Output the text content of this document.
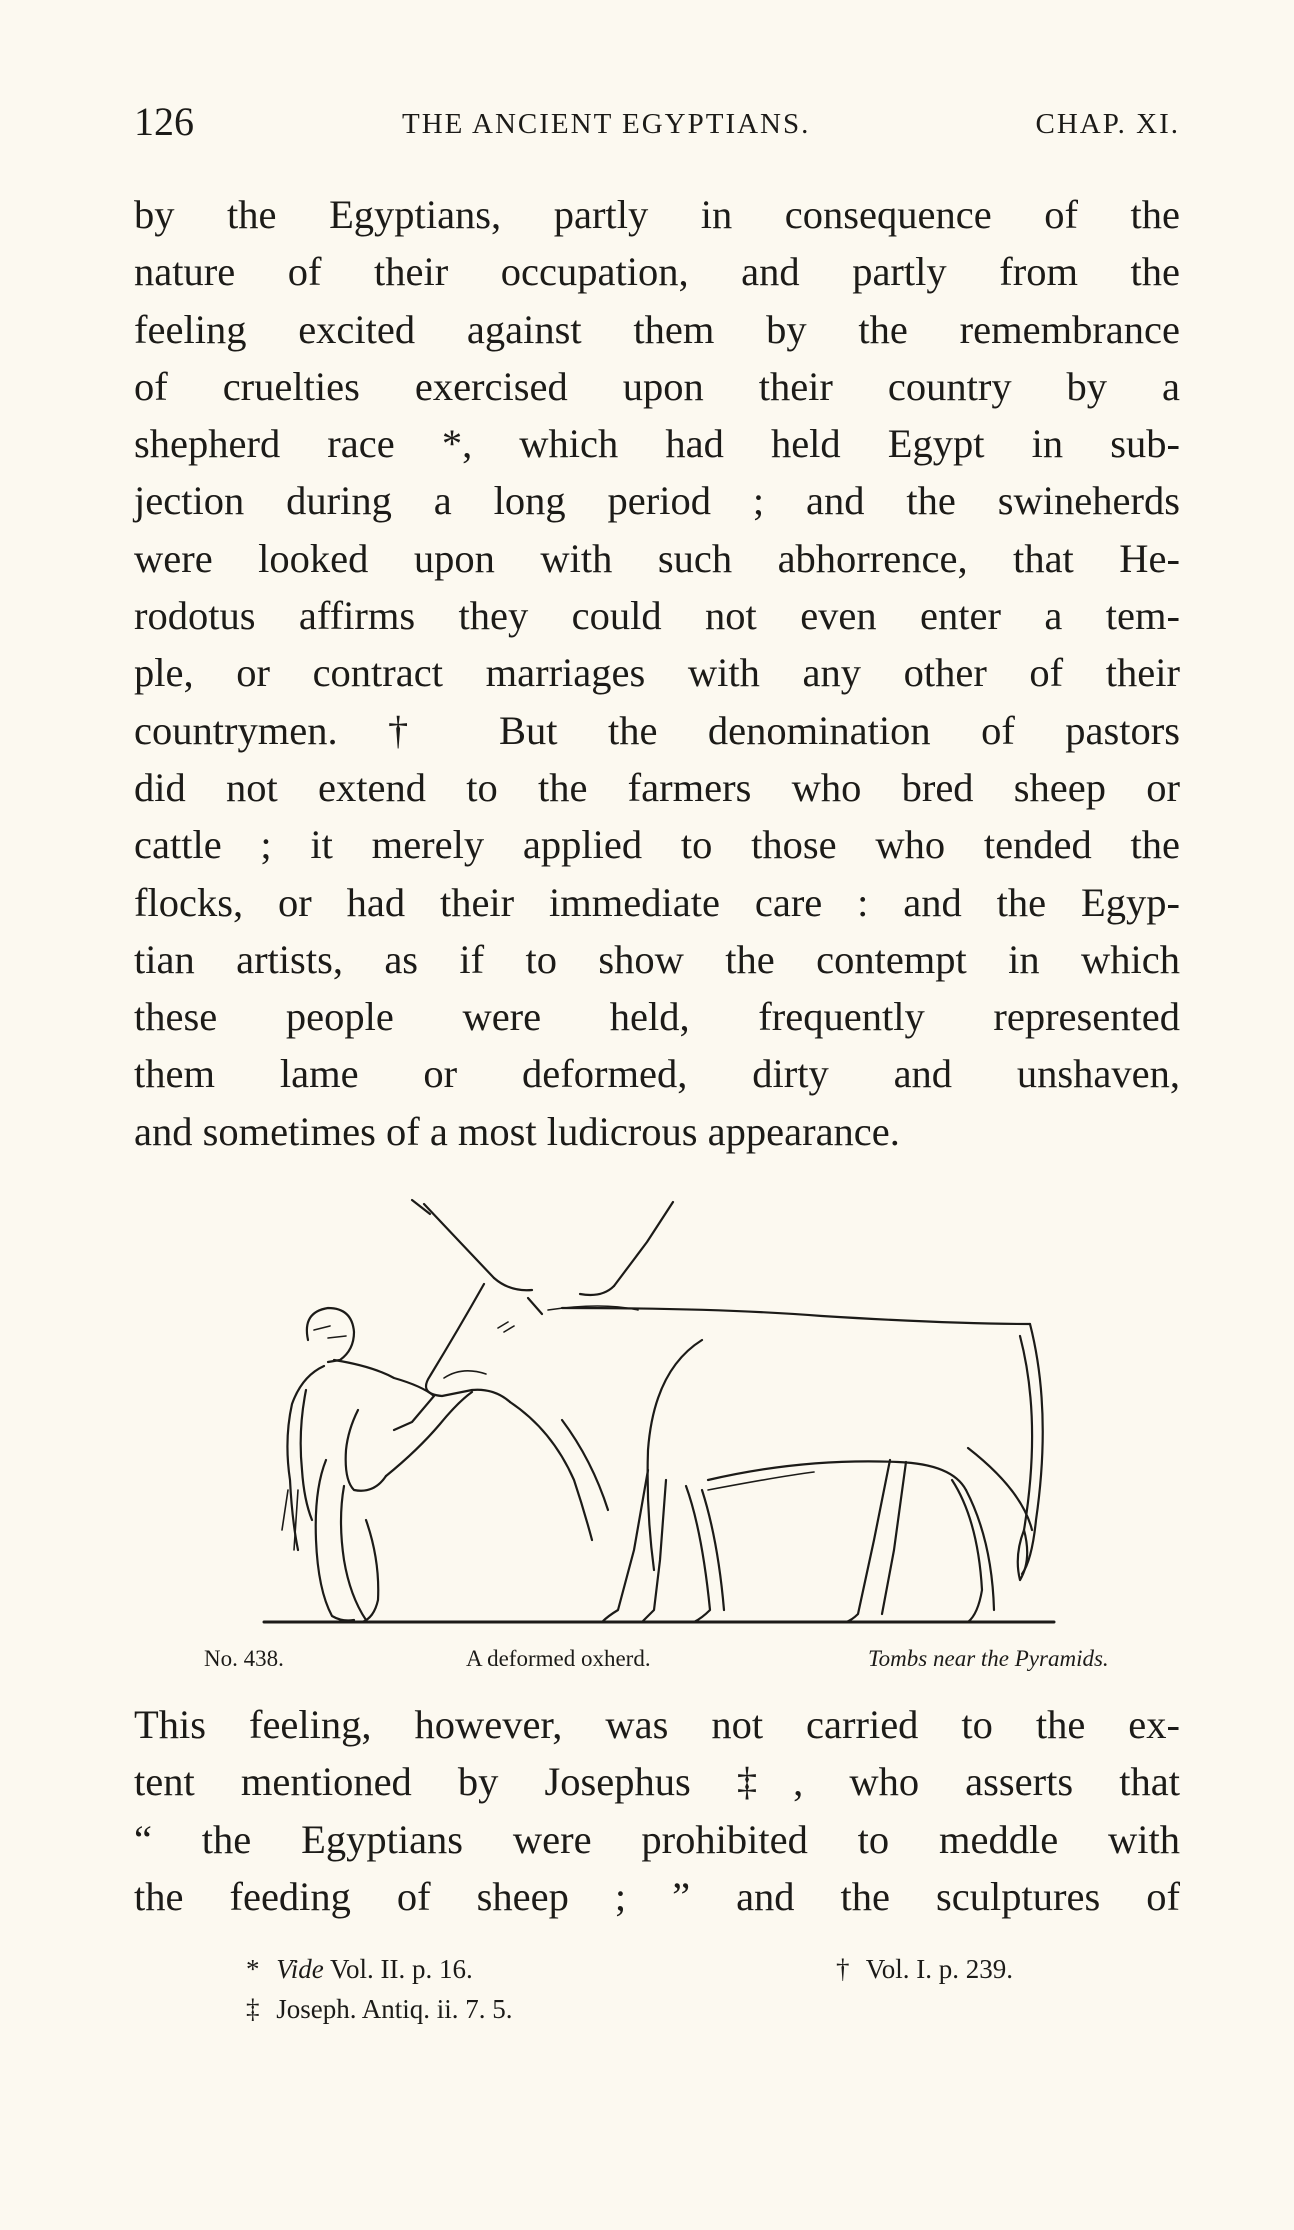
126	THE ANCIENT EGYPTIANS.	CHAP. XI.

by the Egyptians, partly in consequence of the
nature of their occupation, and partly from the
feeling excited against them by the remembrance
of cruelties exercised upon their country by a
shepherd race *, which had held Egypt in sub-
jection during a long period ; and the swineherds
were looked upon with such abhorrence, that He-
rodotus affirms they could not even enter a tem-
ple, or contract marriages with any other of their
countrymen. † But the denomination of pastors
did not extend to the farmers who bred sheep or
cattle ; it merely applied to those who tended the
flocks, or had their immediate care : and the Egyp-
tian artists, as if to show the contempt in which
these people were held, frequently represented
them lame or deformed, dirty and unshaven,
and sometimes of a most ludicrous appearance.

No. 438.	A deformed oxherd.	Tombs near the Pyramids.

This feeling, however, was not carried to the ex-
tent mentioned by Josephus ‡, who asserts that
“ the Egyptians were prohibited to meddle with
the feeding of sheep ; ” and the sculptures of

* Vide Vol. II. p. 16.	† Vol. I. p. 239.
‡ Joseph. Antiq. ii. 7. 5.
